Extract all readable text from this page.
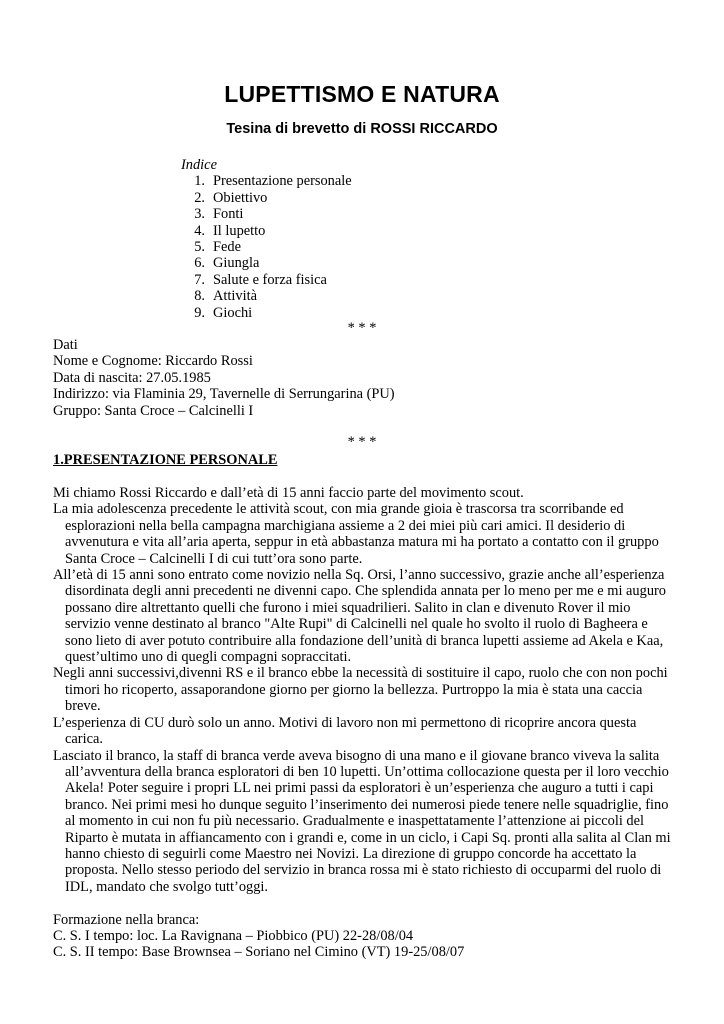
LUPETTISMO E NATURA
Tesina di brevetto di ROSSI RICCARDO
Indice
1. Presentazione personale
2. Obiettivo
3. Fonti
4. Il lupetto
5. Fede
6. Giungla
7. Salute e forza fisica
8. Attività
9. Giochi
* * *
Dati
Nome e Cognome: Riccardo Rossi
Data di nascita: 27.05.1985
Indirizzo: via Flaminia 29, Tavernelle di Serrungarina (PU)
Gruppo: Santa Croce – Calcinelli I
* * *
1.PRESENTAZIONE PERSONALE

Mi chiamo Rossi Riccardo e dall’età di 15 anni faccio parte del movimento scout.

La mia adolescenza precedente le attività scout, con mia grande gioia è trascorsa tra scorribande ed esplorazioni nella bella campagna marchigiana assieme a 2 dei miei più cari amici. Il desiderio di avvenutura e vita all’aria aperta, seppur in età abbastanza matura mi ha portato a contatto con il gruppo Santa Croce – Calcinelli I di cui tutt’ora sono parte.

All’età di 15 anni sono entrato come novizio nella Sq. Orsi, l’anno successivo, grazie anche all’esperienza disordinata degli anni precedenti ne divenni capo. Che splendida annata per lo meno per me e mi auguro possano dire altrettanto quelli che furono i miei squadrilieri. Salito in clan e divenuto Rover il mio servizio venne destinato al branco "Alte Rupi" di Calcinelli nel quale ho svolto il ruolo di Bagheera e sono lieto di aver potuto contribuire alla fondazione dell’unità di branca lupetti assieme ad Akela e Kaa, quest’ultimo uno di quegli compagni sopraccitati.

Negli anni successivi,divenni RS e il branco ebbe la necessità di sostituire il capo, ruolo che con non pochi timori ho ricoperto, assaporandone giorno per giorno la bellezza. Purtroppo la mia è stata una caccia breve.

L’esperienza di CU durò solo un anno. Motivi di lavoro non mi permettono di ricoprire ancora questa carica.

Lasciato il branco, la staff di branca verde aveva bisogno di una mano e il giovane branco viveva la salita all’avventura della branca esploratori di ben 10 lupetti. Un’ottima collocazione questa per il loro vecchio Akela! Poter seguire i propri LL nei primi passi da esploratori è un’esperienza che auguro a tutti i capi branco. Nei primi mesi ho dunque seguito l’inserimento dei numerosi piede tenere nelle squadriglie, fino al momento in cui non fu più necessario. Gradualmente e inaspettatamente l’attenzione ai piccoli del Riparto è mutata in affiancamento con i grandi e, come in un ciclo, i Capi Sq. pronti alla salita al Clan mi hanno chiesto di seguirli come Maestro nei Novizi. La direzione di gruppo concorde ha accettato la proposta. Nello stesso periodo del servizio in branca rossa mi è stato richiesto di occuparmi del ruolo di IDL, mandato che svolgo tutt’oggi.

Formazione nella branca:

C. S. I tempo: loc. La Ravignana – Piobbico (PU) 22-28/08/04

C. S. II tempo: Base Brownsea – Soriano nel Cimino (VT) 19-25/08/07
